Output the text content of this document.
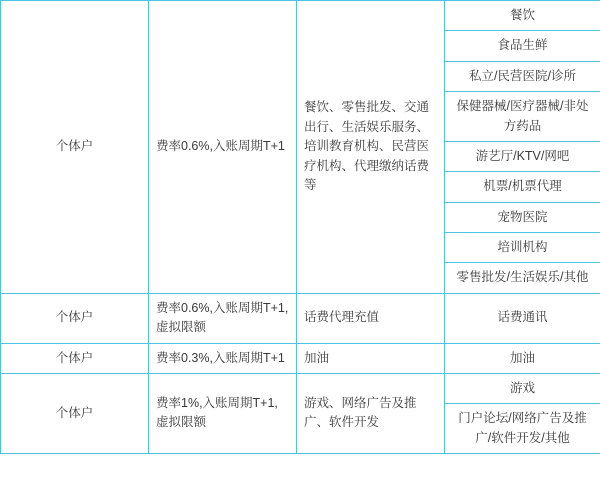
个体户	费率0.6%,入账周期T+1	餐饮、零售批发、交通出行、生活娱乐服务、培训教育机构、民营医疗机构、代理缴纳话费等	餐饮
			食品生鲜
			私立/民营医院/诊所
			保健器械/医疗器械/非处方药品
			游艺厅/KTV/网吧
			机票/机票代理
			宠物医院
			培训机构
			零售批发/生活娱乐/其他
个体户	费率0.6%,入账周期T+1,虚拟限额	话费代理充值	话费通讯
个体户	费率0.3%,入账周期T+1	加油	加油
个体户	费率1%,入账周期T+1,虚拟限额	游戏、网络广告及推广、软件开发	游戏
			门户论坛/网络广告及推广/软件开发/其他
